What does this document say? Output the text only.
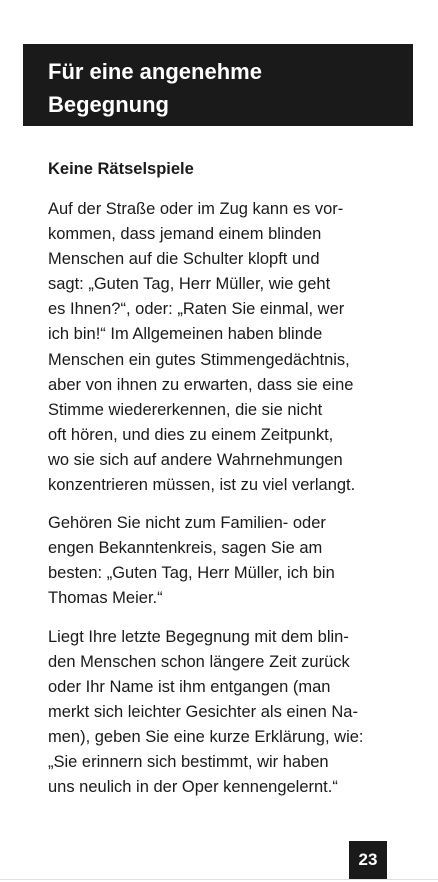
Für eine angenehme
Begegnung
Keine Rätselspiele
Auf der Straße oder im Zug kann es vor-
kommen, dass jemand einem blinden
Menschen auf die Schulter klopft und
sagt: „Guten Tag, Herr Müller, wie geht
es Ihnen?“, oder: „Raten Sie einmal, wer
ich bin!“ Im Allgemeinen haben blinde
Menschen ein gutes Stimmengedächtnis,
aber von ihnen zu erwarten, dass sie eine
Stimme wiedererkennen, die sie nicht
oft hören, und dies zu einem Zeitpunkt,
wo sie sich auf andere Wahrnehmungen
konzentrieren müssen, ist zu viel verlangt.
Gehören Sie nicht zum Familien- oder
engen Bekanntenkreis, sagen Sie am
besten: „Guten Tag, Herr Müller, ich bin
Thomas Meier.“
Liegt Ihre letzte Begegnung mit dem blin-
den Menschen schon längere Zeit zurück
oder Ihr Name ist ihm entgangen (man
merkt sich leichter Gesichter als einen Na-
men), geben Sie eine kurze Erklärung, wie:
„Sie erinnern sich bestimmt, wir haben
uns neulich in der Oper kennengelernt.“
23
